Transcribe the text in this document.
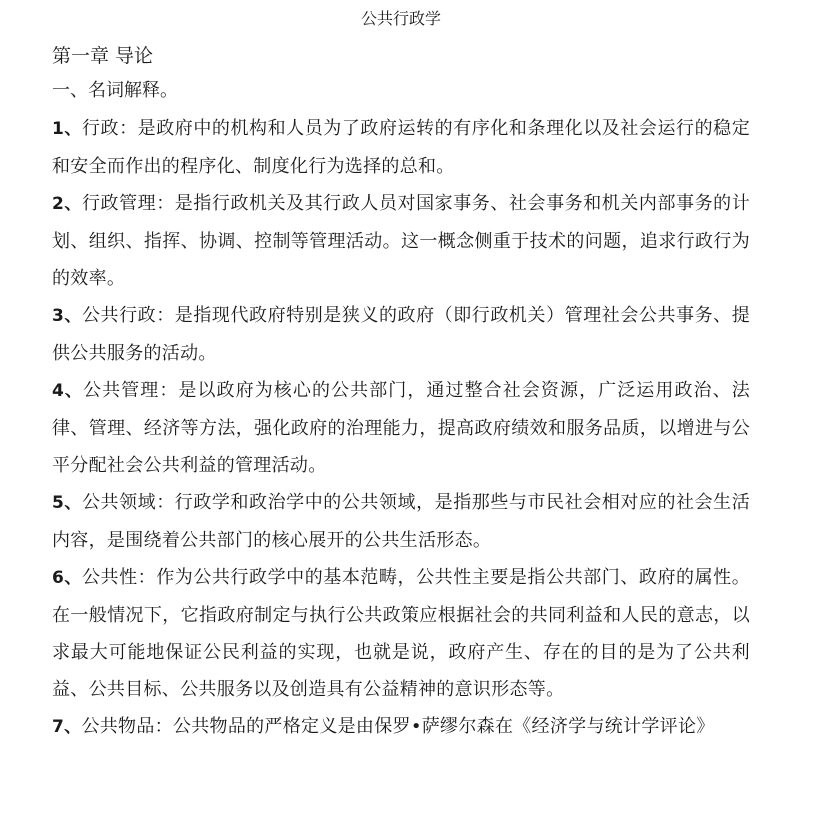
公共行政学
第一章 导论
一、名词解释。

1、行政：是政府中的机构和人员为了政府运转的有序化和条理化以及社会运行的稳定和安全而作出的程序化、制度化行为选择的总和。

2、行政管理：是指行政机关及其行政人员对国家事务、社会事务和机关内部事务的计划、组织、指挥、协调、控制等管理活动。这一概念侧重于技术的问题，追求行政行为的效率。

3、公共行政：是指现代政府特别是狭义的政府（即行政机关）管理社会公共事务、提供公共服务的活动。

4、公共管理：是以政府为核心的公共部门，通过整合社会资源，广泛运用政治、法律、管理、经济等方法，强化政府的治理能力，提高政府绩效和服务品质，以增进与公平分配社会公共利益的管理活动。

5、公共领域：行政学和政治学中的公共领域，是指那些与市民社会相对应的社会生活内容，是围绕着公共部门的核心展开的公共生活形态。

6、公共性：作为公共行政学中的基本范畴，公共性主要是指公共部门、政府的属性。在一般情况下，它指政府制定与执行公共政策应根据社会的共同利益和人民的意志，以求最大可能地保证公民利益的实现，也就是说，政府产生、存在的目的是为了公共利益、公共目标、公共服务以及创造具有公益精神的意识形态等。

7、公共物品：公共物品的严格定义是由保罗•萨缪尔森在《经济学与统计学评论》
